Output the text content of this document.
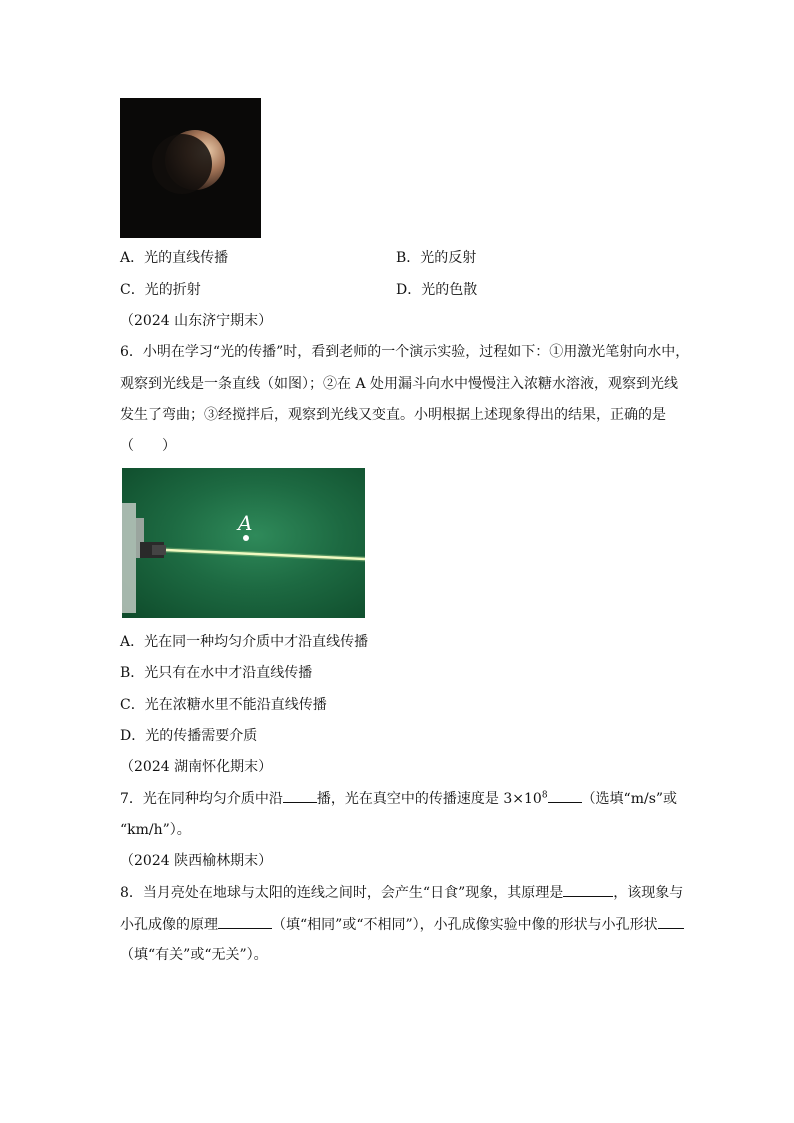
A．光的直线传播	B．光的反射
C．光的折射	D．光的色散
（2024 山东济宁期末）
6．小明在学习“光的传播”时，看到老师的一个演示实验，过程如下：①用激光笔射向水中，
观察到光线是一条直线（如图）；②在 A 处用漏斗向水中慢慢注入浓糖水溶液，观察到光线
发生了弯曲；③经搅拌后，观察到光线又变直。小明根据上述现象得出的结果，正确的是
（　　）
A
A．光在同一种均匀介质中才沿直线传播
B．光只有在水中才沿直线传播
C．光在浓糖水里不能沿直线传播
D．光的传播需要介质
（2024 湖南怀化期末）
7．光在同种均匀介质中沿 播，光在真空中的传播速度是 $3\times 10^8$ （选填“m/s”或
“km/h”）。
（2024 陕西榆林期末）
8．当月亮处在地球与太阳的连线之间时，会产生“日食”现象，其原理是	，该现象与
小孔成像的原理	（填“相同”或“不相同”），小孔成像实验中像的形状与小孔形状
（填“有关”或“无关”）。
